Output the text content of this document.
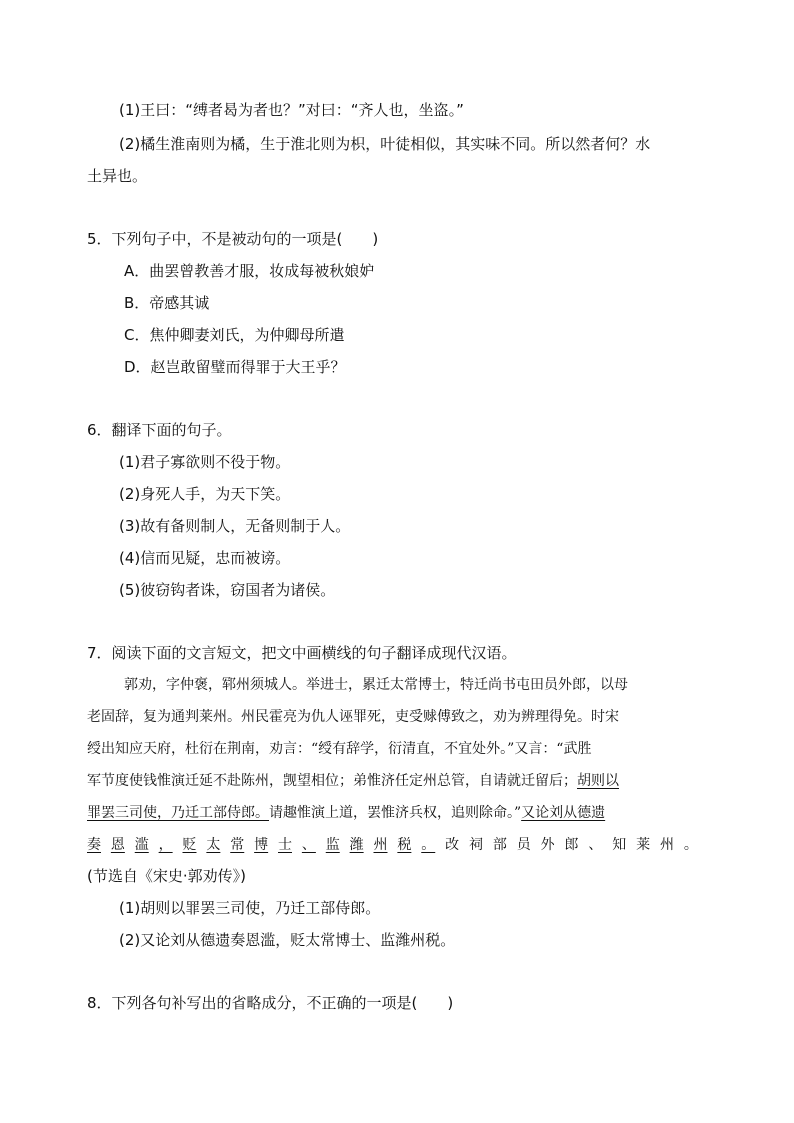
(1)王曰：“缚者曷为者也？”对曰：“齐人也，坐盗。”
(2)橘生淮南则为橘，生于淮北则为枳，叶徒相似，其实味不同。所以然者何？水
土异也。
5．下列句子中，不是被动句的一项是(　　)
A．曲罢曾教善才服，妆成每被秋娘妒
B．帝感其诚
C．焦仲卿妻刘氏，为仲卿母所遣
D．赵岂敢留璧而得罪于大王乎？
6．翻译下面的句子。
(1)君子寡欲则不役于物。
(2)身死人手，为天下笑。
(3)故有备则制人，无备则制于人。
(4)信而见疑，忠而被谤。
(5)彼窃钩者诛，窃国者为诸侯。
7．阅读下面的文言短文，把文中画横线的句子翻译成现代汉语。
郭劝，字仲褒，郓州须城人。举进士，累迁太常博士，特迁尚书屯田员外郎，以母
老固辞，复为通判莱州。州民霍亮为仇人诬罪死，吏受赇傅致之，劝为辨理得免。时宋
绶出知应天府，杜衍在荆南，劝言：“绶有辞学，衍清直，不宜处外。”又言：“武胜
军节度使钱惟演迁延不赴陈州，觊望相位；弟惟济任定州总管，自请就迁留后；胡则以
罪罢三司使，乃迁工部侍郎。请趣惟演上道，罢惟济兵权，追则除命。”又论刘从德遗
奏 恩 滥 ， 贬 太 常 博 士 、 监 潍 州 税 。 改 祠 部 员 外 郎 、 知 莱 州 。
(节选自《宋史·郭劝传》)
(1)胡则以罪罢三司使，乃迁工部侍郎。
(2)又论刘从德遗奏恩滥，贬太常博士、监潍州税。
8．下列各句补写出的省略成分，不正确的一项是(　　)
